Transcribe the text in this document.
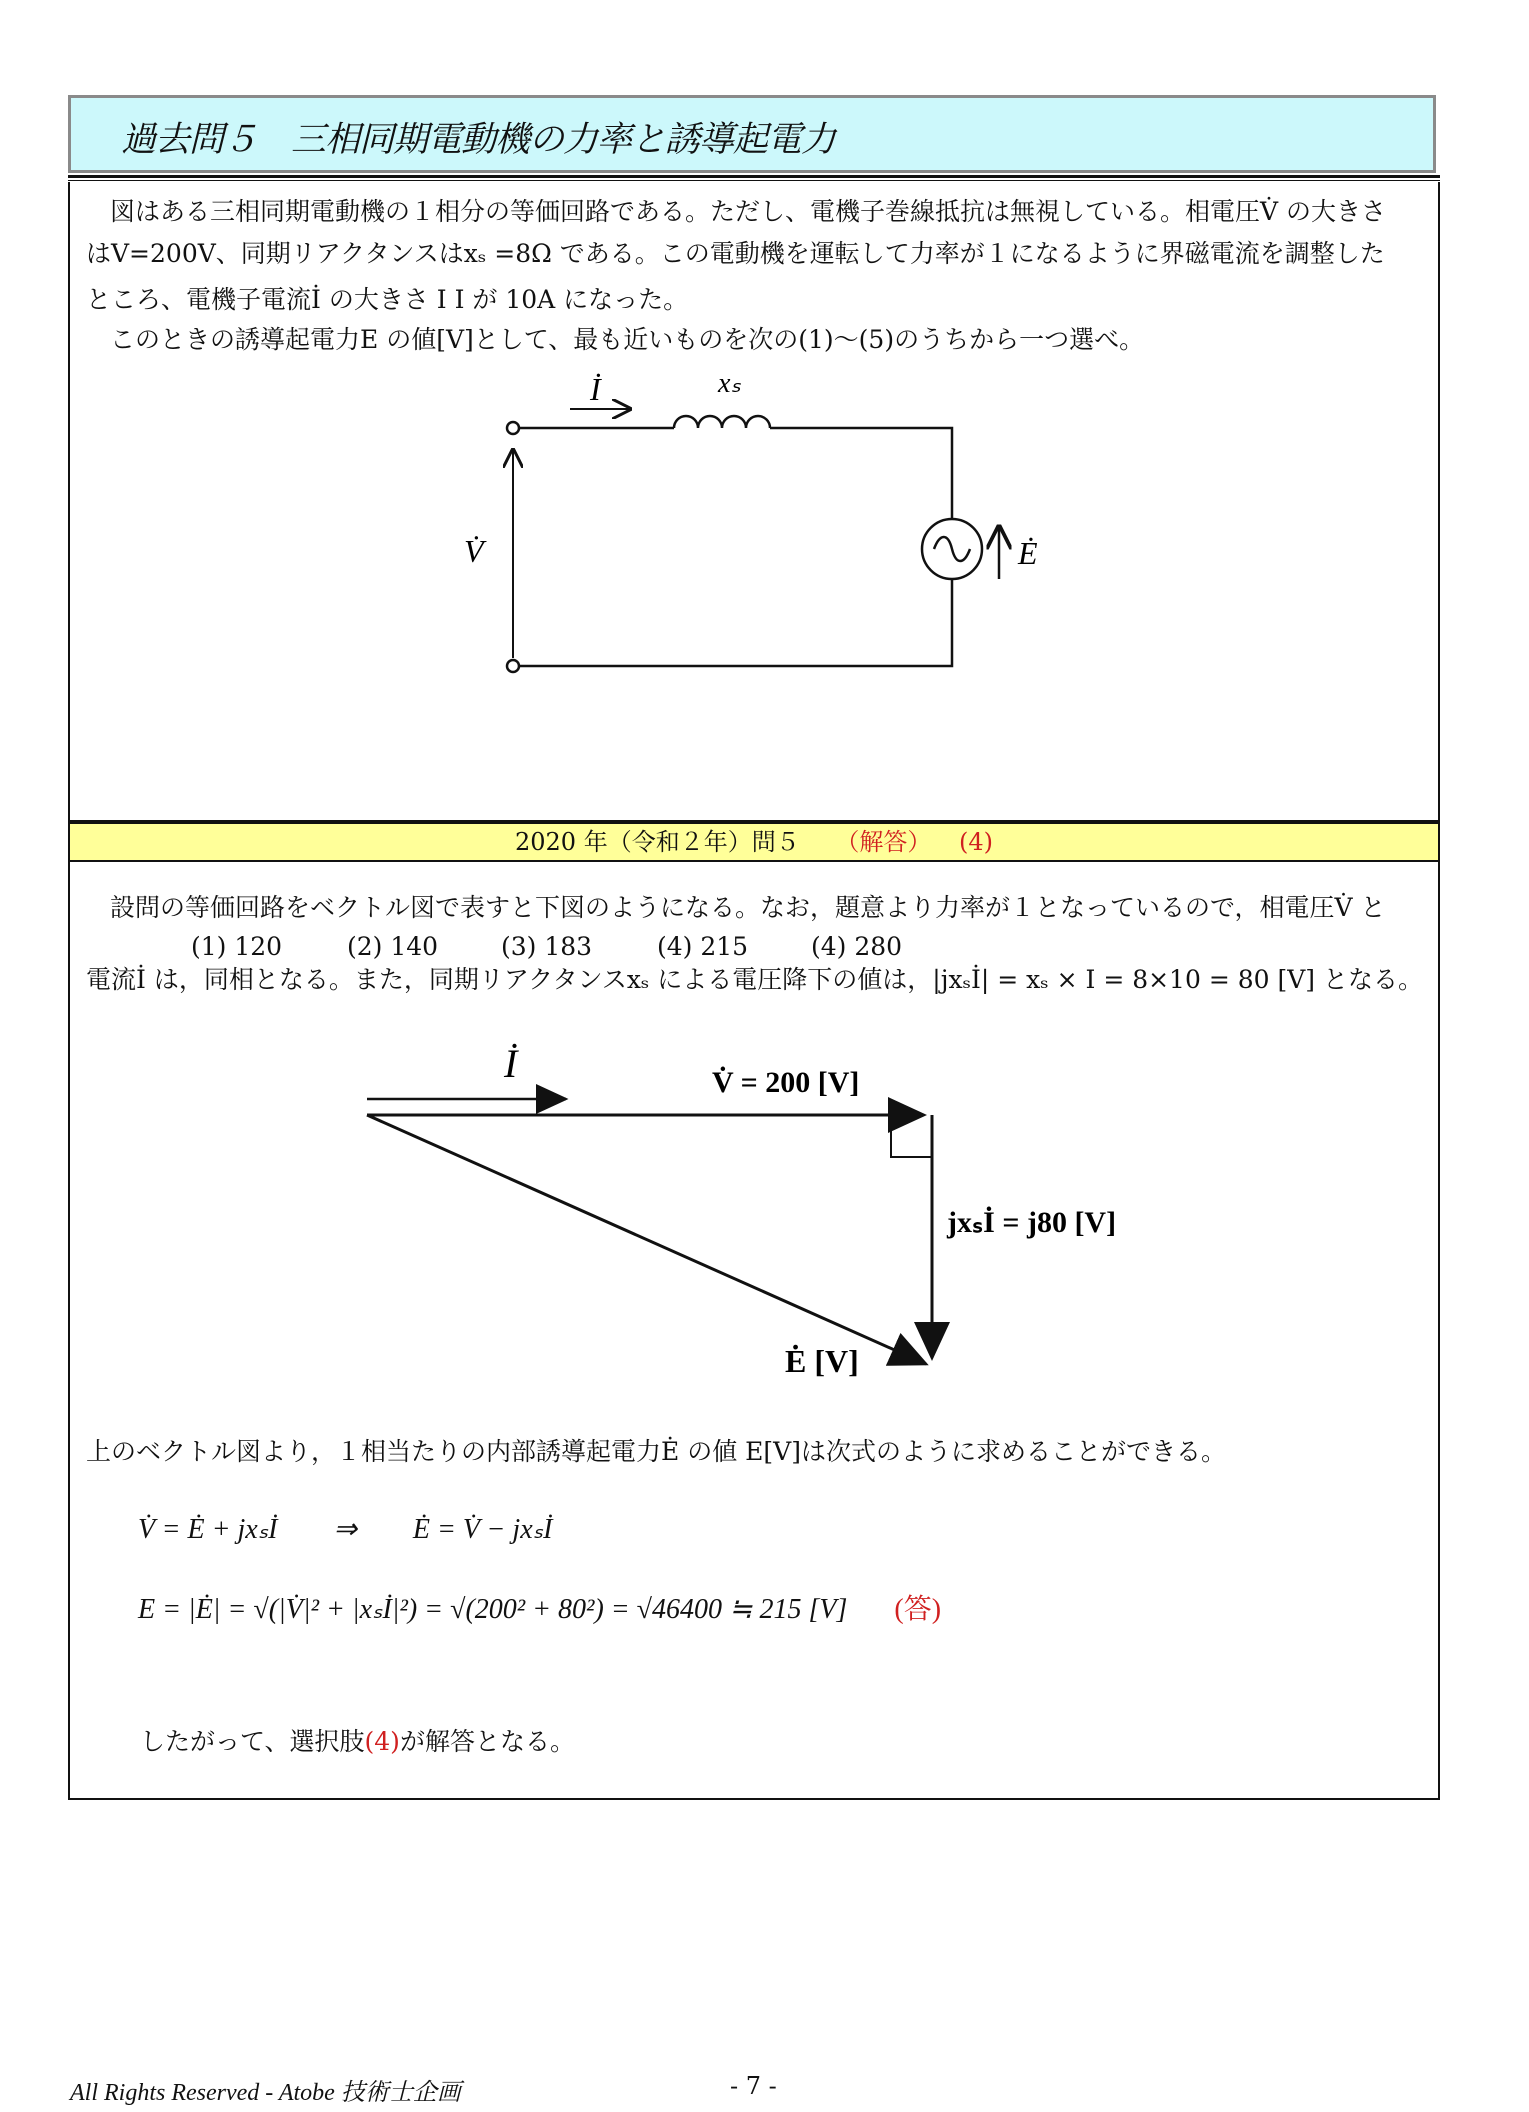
過去問５　三相同期電動機の力率と誘導起電力
図はある三相同期電動機の１相分の等価回路である。ただし、電機子巻線抵抗は無視している。相電圧V̇ の大きさ
はV=200V、同期リアクタンスはxₛ =8Ω である。この電動機を運転して力率が１になるように界磁電流を調整した
ところ、電機子電流İ の大きさ I I が 10A になった。
このときの誘導起電力E の値[V]として、最も近いものを次の(1)～(5)のうちから一つ選べ。
İ	xₛ
V̇	Ė
(1) 120	(2) 140	(3) 183	(4) 215	(4) 280
2020 年（令和２年）問５ （解答） (4)
設問の等価回路をベクトル図で表すと下図のようになる。なお，題意より力率が１となっているので，相電圧V̇ と
電流İ は，同相となる。また，同期リアクタンスxₛ による電圧降下の値は，|jxₛİ| = xₛ × I = 8×10 = 80 [V] となる。
İ	V̇ = 200 [V]
jxₛİ = j80 [V]
Ė [V]
上のベクトル図より，１相当たりの内部誘導起電力Ė の値 E[V]は次式のように求めることができる。
V̇ = Ė + jxₛİ　　⇒　　Ė = V̇ − jxₛİ
E = |Ė| = √(|V̇|² + |xₛİ|²) = √(200² + 80²) = √46400 ≒ 215 [V] (答)
したがって、選択肢(4)が解答となる。
All Rights Reserved - Atobe 技術士企画	- 7 -
